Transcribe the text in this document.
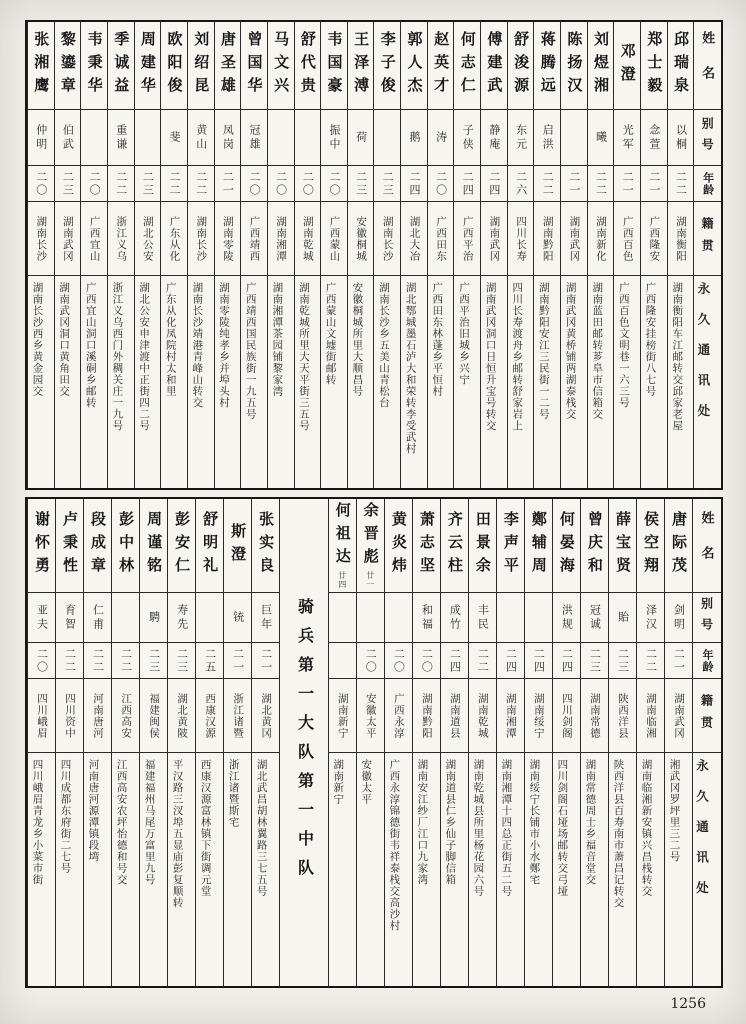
姓名
别号
年龄
籍贯
永久通讯处
邱瑞泉
以桐
二二
湖南衡阳
湖南衡阳车江邮转交邱家老屋
郑士毅
念萱
二一
广西隆安
广西隆安挂榜街八七号
邓澄
光军
二一
广西百色
广西百色文明巷一六三号
刘煜湘
曦
二二
湖南新化
湖南蓝田邮转芗阜市信箱交
陈扬汉
二一
湖南武冈
湖南武冈黄桥铺两湖泰栈交
蒋腾远
启洪
二二
湖南黔阳
湖南黔阳安江三民街一二号
舒浚源
东元
二六
四川长寿
四川长寿渡舟乡邮转舒家岩上
傅建武
静庵
二四
湖南武冈
湖南武冈洞口日恒升宝号转交
何志仁
子侠
二四
广西平治
广西平治旧城乡兴宁
赵英才
涛
二〇
广西田东
广西田东林蓬乡平恒村
郭人杰
鹅
二四
湖北大冶
湖北鄂城墨石泸大和荣转李受武村
李子俊
二三
湖南长沙
湖南长沙乡五美山青松台
王泽溥
荷
二三
安徽桐城
安徽桐城所里大顺昌号
韦国豪
振中
二〇
广西蒙山
广西蒙山文墟街邮转
舒代贵
二〇
湖南乾城
湖南乾城所里大天平街三五号
马文兴
二〇
湖南湘潭
湖南湘潭茶园铺黎家湾
曾国华
冠雄
二〇
广西靖西
广西靖西国民族街一九五号
唐圣雄
凤岗
二一
湖南零陵
湖南零陵纯孝乡并埠头村
刘绍昆
黄山
二二
湖南长沙
湖南长沙靖港青峰山转交
欧阳俊
斐
二二
广东从化
广东从化凤院村太和里
周建华
二三
湖北公安
湖北公安申津渡中正街四二号
季诚益
重谦
二二
浙江义乌
浙江义乌西门外稠关庄一九号
韦秉华
二〇
广西宜山
广西宜山洞口溪硐乡邮转
黎鎏章
伯武
二三
湖南武冈
湖南武冈洞口黄角田交
张湘鹰
仲明
二〇
湖南长沙
湖南长沙西乡黄金园交
姓名
别号
年龄
籍贯
永久通讯处
唐际茂
剑明
二一
湖南武冈
湘武冈罗坪里三二号
侯空翔
泽汉
二二
湖南临湘
湖南临湘新安镇兴昌栈转交
薛宝贤
貽
二三
陕西洋县
陕西洋县百寿南市萧昌记转交
曾庆和
冠诚
二三
湖南常德
湖南常德周士乡福音堂交
何晏海
洪规
二四
四川剑阁
四川剑阁石垭场邮转交弓垭
鄭辅周
二四
湖南绥宁
湖南绥宁长铺市小水鄭宅
李声平
二四
湖南湘潭
湖南湘潭十四总正街五二号
田景余
丰民
二二
湖南乾城
湖南乾城县所里杨花园六号
齐云柱
成竹
二四
湖南道县
湖南道县仁乡仙子脚信箱
萧志坚
和福
二〇
湖南黔阳
湖南安江纱厂江口九家湾
黄炎炜
二〇
广西永淳
广西永淳锦德街韦祥泰栈交高沙村
余晋彪廿一
二〇
安徽太平
安徽太平
何祖达廿四
湖南新宁
湖南新宁
骑兵第一大队第一中队
张实良
巨年
二一
湖北黄冈
湖北武昌胡林翼路三七五号
斯澄
铳
二一
浙江诸暨
浙江诸暨斯宅
舒明礼
二五
西康汉源
西康汉源富林镇下街调元堂
彭安仁
寿先
二三
湖北黄陂
平汉路三汊埠五显庙彭复顺转
周谨铭
騁
二三
福建闽侯
福建福州马尾万富里九号
彭中林
二二
江西高安
江西高安农坪怡德和号交
段成章
仁甫
二二
河南唐河
河南唐河源潭镇段塆
卢秉性
育智
二二
四川资中
四川成都东府街二七号
谢怀勇
亚夫
二〇
四川峨眉
四川峨眉青龙乡小菜市街
1256
